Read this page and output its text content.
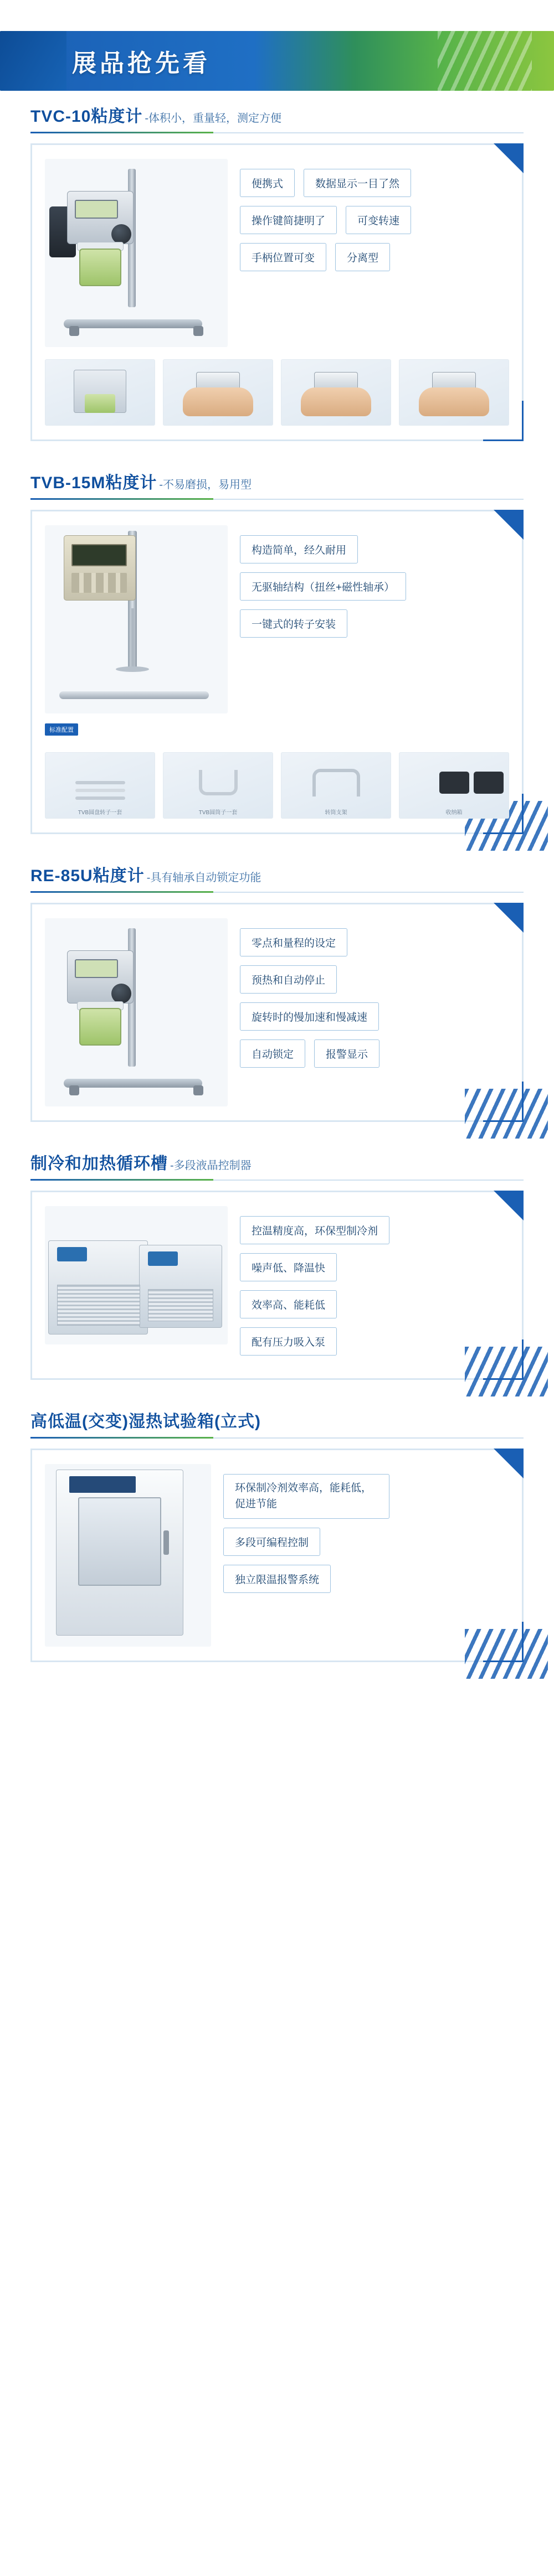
展品抢先看
TVC-10粘度计 -体积小，重量轻，测定方便
便携式	数据显示一目了然
操作键简捷明了	可变转速
手柄位置可变	分离型
TVB-15M粘度计 -不易磨损，易用型
构造简单，经久耐用
无驱轴结构（扭丝+磁性轴承）
一键式的转子安装
标准配置
TVB圆盘转子一套	TVB圆筒子一套	转筒支架	收纳箱
RE-85U粘度计 -具有轴承自动锁定功能
零点和量程的设定
预热和自动停止
旋转时的慢加速和慢减速
自动锁定	报警显示
制冷和加热循环槽 -多段液晶控制器
控温精度高，环保型制冷剂
噪声低、降温快
效率高、能耗低
配有压力吸入泵
高低温(交变)湿热试验箱(立式)
环保制冷剂效率高，能耗低，促进节能
多段可编程控制
独立限温报警系统
